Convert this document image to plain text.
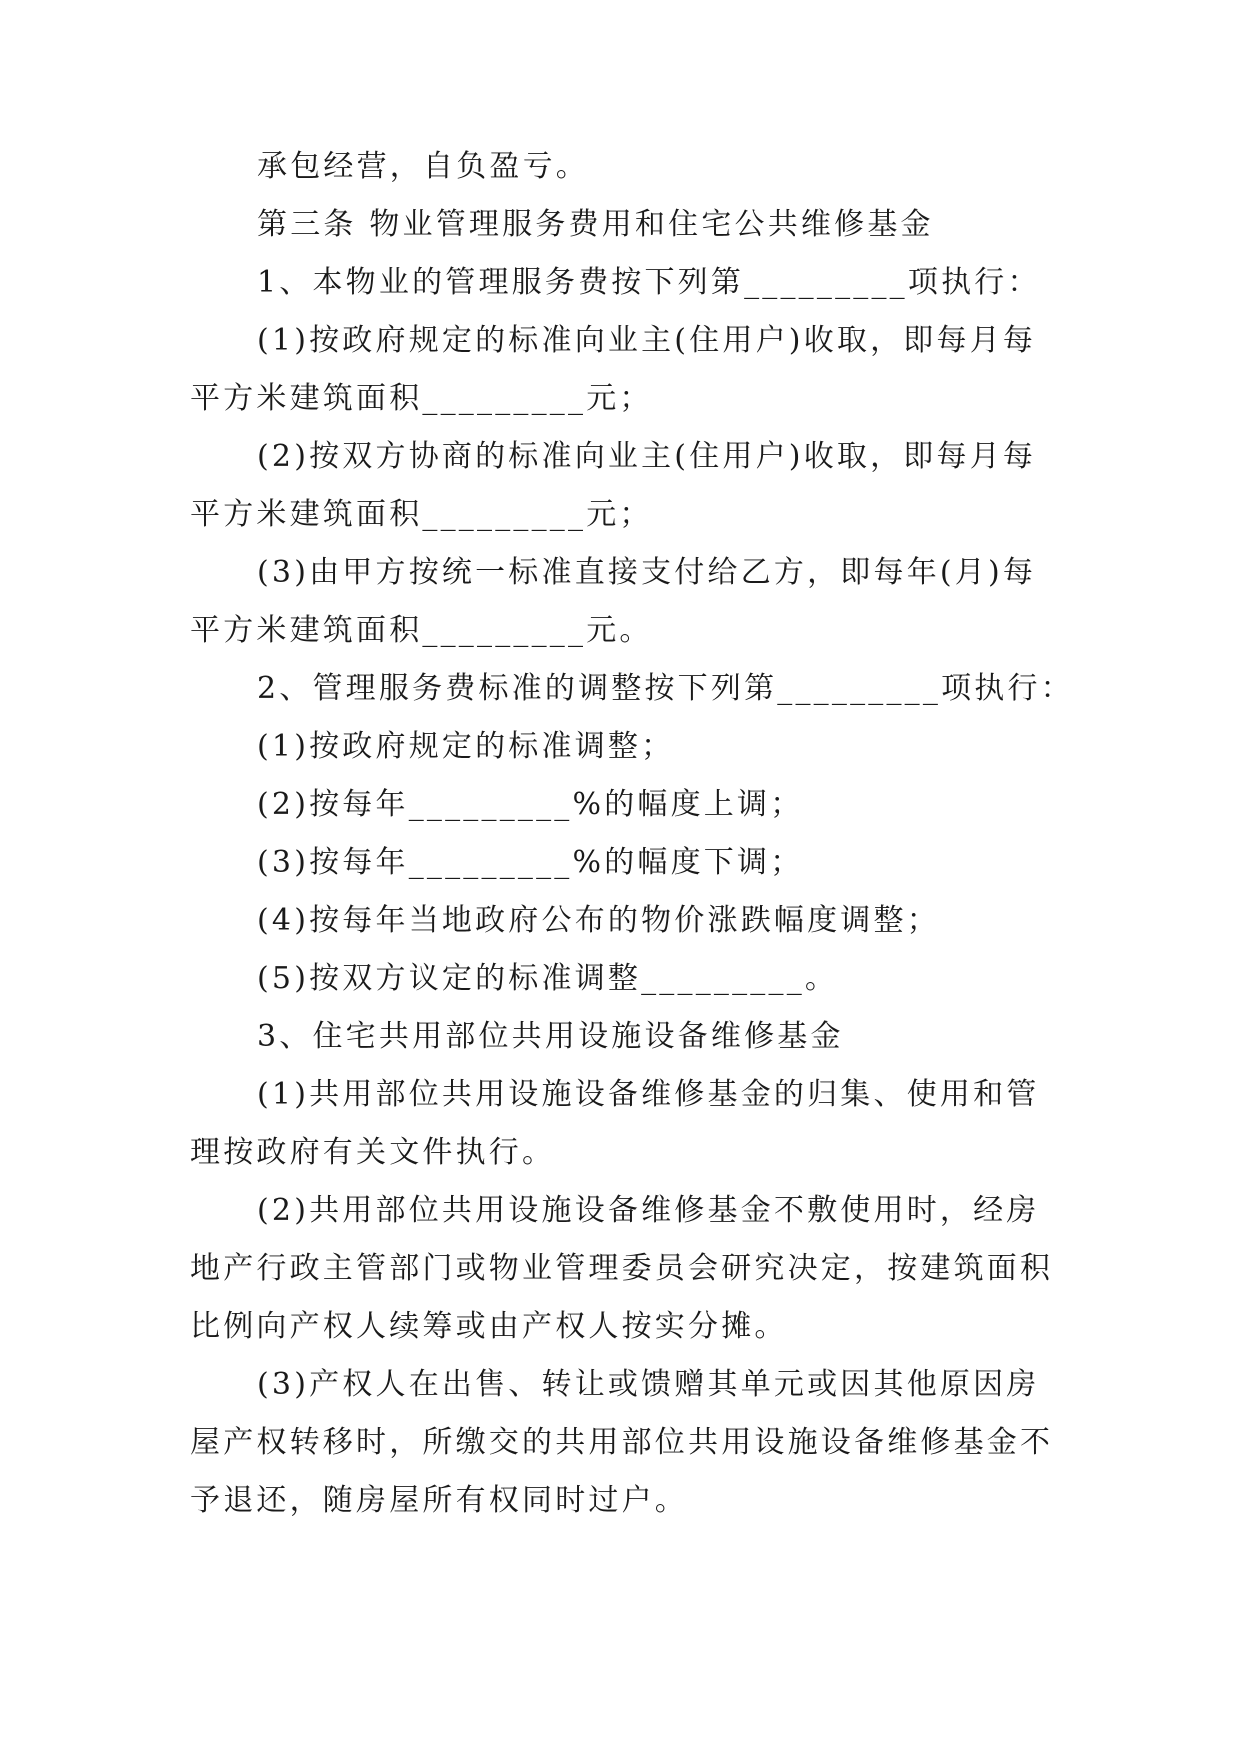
承包经营，自负盈亏。
第三条 物业管理服务费用和住宅公共维修基金
1、本物业的管理服务费按下列第_________项执行：
(1)按政府规定的标准向业主(住用户)收取，即每月每
平方米建筑面积_________元；
(2)按双方协商的标准向业主(住用户)收取，即每月每
平方米建筑面积_________元；
(3)由甲方按统一标准直接支付给乙方，即每年(月)每
平方米建筑面积_________元。
2、管理服务费标准的调整按下列第_________项执行：
(1)按政府规定的标准调整；
(2)按每年_________%的幅度上调；
(3)按每年_________%的幅度下调；
(4)按每年当地政府公布的物价涨跌幅度调整；
(5)按双方议定的标准调整_________。
3、住宅共用部位共用设施设备维修基金
(1)共用部位共用设施设备维修基金的归集、使用和管
理按政府有关文件执行。
(2)共用部位共用设施设备维修基金不敷使用时，经房
地产行政主管部门或物业管理委员会研究决定，按建筑面积
比例向产权人续筹或由产权人按实分摊。
(3)产权人在出售、转让或馈赠其单元或因其他原因房
屋产权转移时，所缴交的共用部位共用设施设备维修基金不
予退还，随房屋所有权同时过户。
